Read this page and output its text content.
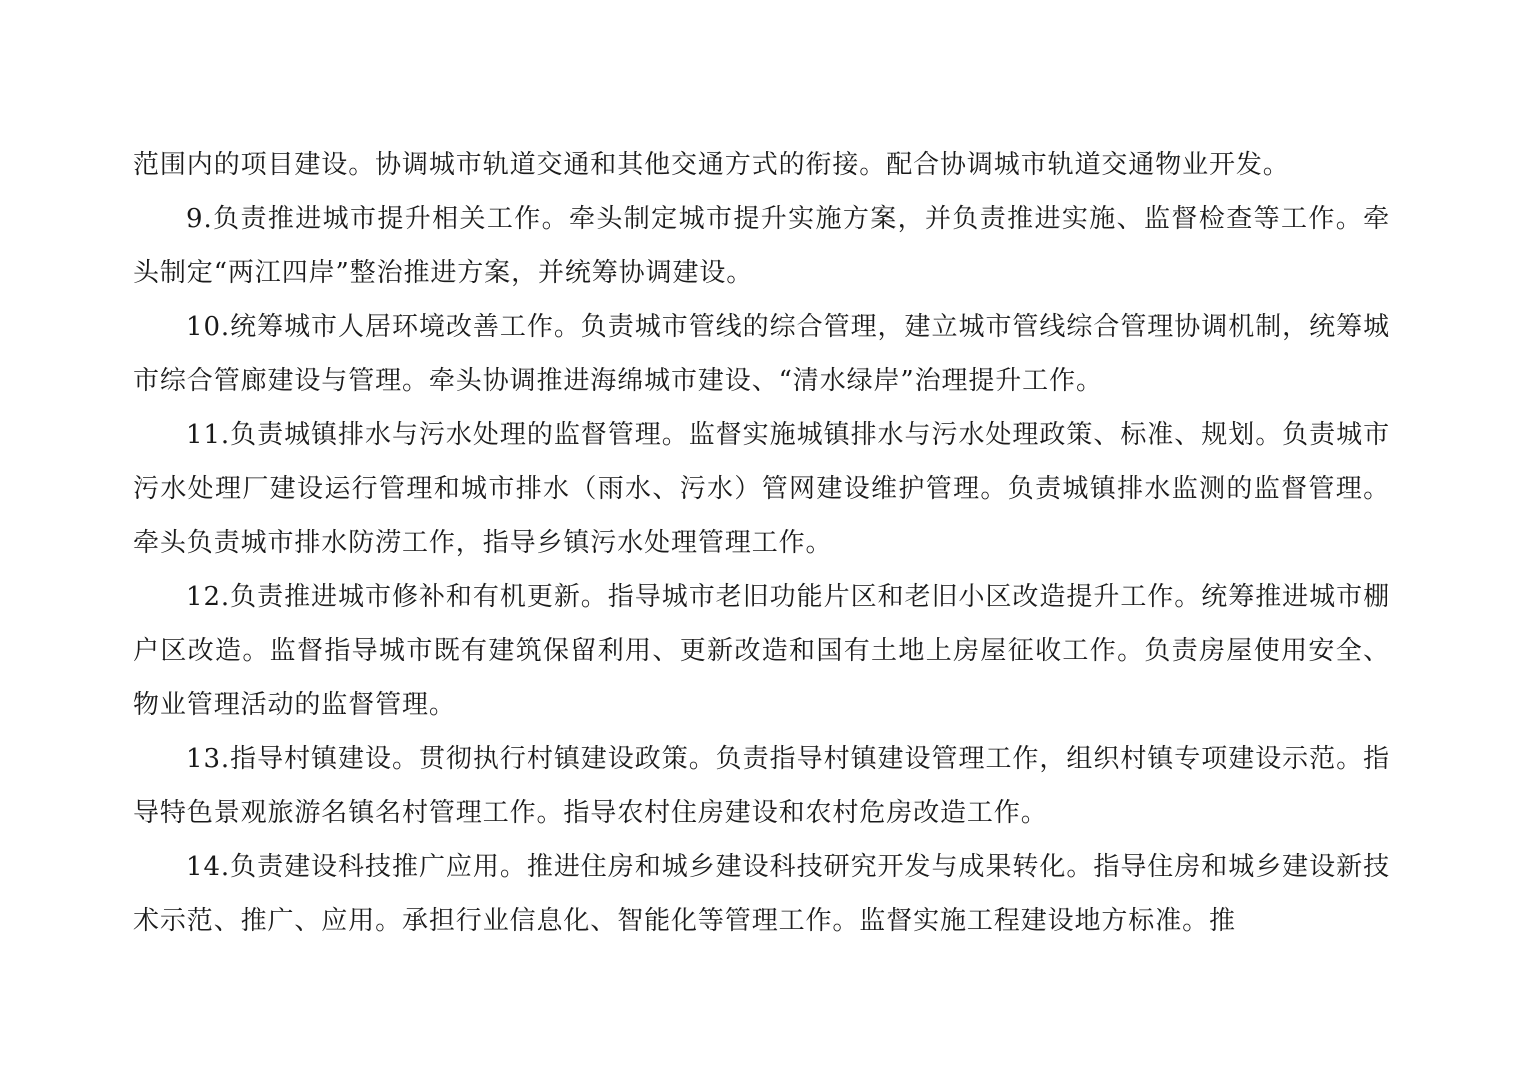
范围内的项目建设。协调城市轨道交通和其他交通方式的衔接。配合协调城市轨道交通物业开发。

9.负责推进城市提升相关工作。牵头制定城市提升实施方案，并负责推进实施、监督检查等工作。牵头制定“两江四岸”整治推进方案，并统筹协调建设。

10.统筹城市人居环境改善工作。负责城市管线的综合管理，建立城市管线综合管理协调机制，统筹城市综合管廊建设与管理。牵头协调推进海绵城市建设、“清水绿岸”治理提升工作。

11.负责城镇排水与污水处理的监督管理。监督实施城镇排水与污水处理政策、标准、规划。负责城市污水处理厂建设运行管理和城市排水（雨水、污水）管网建设维护管理。负责城镇排水监测的监督管理。牵头负责城市排水防涝工作，指导乡镇污水处理管理工作。

12.负责推进城市修补和有机更新。指导城市老旧功能片区和老旧小区改造提升工作。统筹推进城市棚户区改造。监督指导城市既有建筑保留利用、更新改造和国有土地上房屋征收工作。负责房屋使用安全、物业管理活动的监督管理。

13.指导村镇建设。贯彻执行村镇建设政策。负责指导村镇建设管理工作，组织村镇专项建设示范。指导特色景观旅游名镇名村管理工作。指导农村住房建设和农村危房改造工作。

14.负责建设科技推广应用。推进住房和城乡建设科技研究开发与成果转化。指导住房和城乡建设新技术示范、推广、应用。承担行业信息化、智能化等管理工作。监督实施工程建设地方标准。推
